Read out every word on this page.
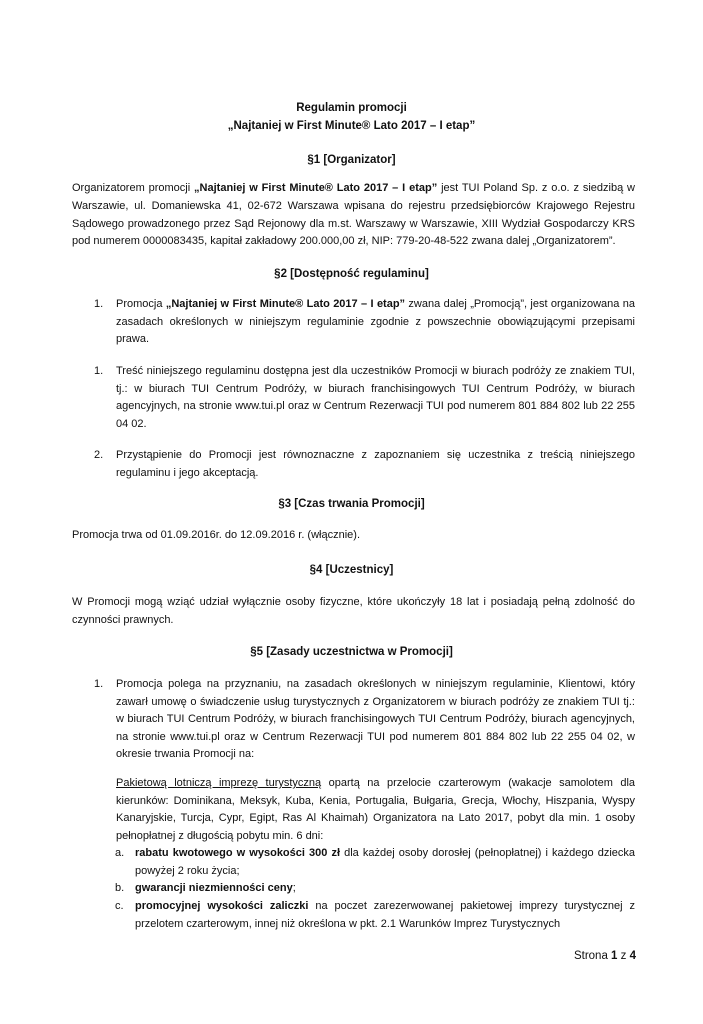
Regulamin promocji
„Najtaniej w First Minute® Lato 2017 – I etap”
§1 [Organizator]

Organizatorem promocji „Najtaniej w First Minute® Lato 2017 – I etap” jest TUI Poland Sp. z o.o. z siedzibą w Warszawie, ul. Domaniewska 41, 02-672 Warszawa wpisana do rejestru przedsiębiorców Krajowego Rejestru Sądowego prowadzonego przez Sąd Rejonowy dla m.st. Warszawy w Warszawie, XIII Wydział Gospodarczy KRS pod numerem 0000083435, kapitał zakładowy 200.000,00 zł, NIP: 779-20-48-522 zwana dalej „Organizatorem”.

§2 [Dostępność regulaminu]
1. Promocja „Najtaniej w First Minute® Lato 2017 – I etap” zwana dalej „Promocją”, jest organizowana na zasadach określonych w niniejszym regulaminie zgodnie z powszechnie obowiązującymi przepisami prawa.
1. Treść niniejszego regulaminu dostępna jest dla uczestników Promocji w biurach podróży ze znakiem TUI, tj.: w biurach TUI Centrum Podróży, w biurach franchisingowych TUI Centrum Podróży, w biurach agencyjnych, na stronie www.tui.pl oraz w Centrum Rezerwacji TUI pod numerem 801 884 802 lub 22 255 04 02.
2. Przystąpienie do Promocji jest równoznaczne z zapoznaniem się uczestnika z treścią niniejszego regulaminu i jego akceptacją.
§3 [Czas trwania Promocji]

Promocja trwa od 01.09.2016r. do 12.09.2016 r. (włącznie).

§4 [Uczestnicy]

W Promocji mogą wziąć udział wyłącznie osoby fizyczne, które ukończyły 18 lat i posiadają pełną zdolność do czynności prawnych.

§5 [Zasady uczestnictwa w Promocji]
1. Promocja polega na przyznaniu, na zasadach określonych w niniejszym regulaminie, Klientowi, który zawarł umowę o świadczenie usług turystycznych z Organizatorem w biurach podróży ze znakiem TUI tj.: w biurach TUI Centrum Podróży, w biurach franchisingowych TUI Centrum Podróży, biurach agencyjnych, na stronie www.tui.pl oraz w Centrum Rezerwacji TUI pod numerem 801 884 802 lub 22 255 04 02, w okresie trwania Promocji na:
Pakietową lotniczą imprezę turystyczną opartą na przelocie czarterowym (wakacje samolotem dla kierunków: Dominikana, Meksyk, Kuba, Kenia, Portugalia, Bułgaria, Grecja, Włochy, Hiszpania, Wyspy Kanaryjskie, Turcja, Cypr, Egipt, Ras Al Khaimah) Organizatora na Lato 2017, pobyt dla min. 1 osoby pełnopłatnej z długością pobytu min. 6 dni:
a. rabatu kwotowego w wysokości 300 zł dla każdej osoby dorosłej (pełnopłatnej) i każdego dziecka powyżej 2 roku życia;
b. gwarancji niezmienności ceny;
c. promocyjnej wysokości zaliczki na poczet zarezerwowanej pakietowej imprezy turystycznej z przelotem czarterowym, innej niż określona w pkt. 2.1 Warunków Imprez Turystycznych
Strona 1 z 4
